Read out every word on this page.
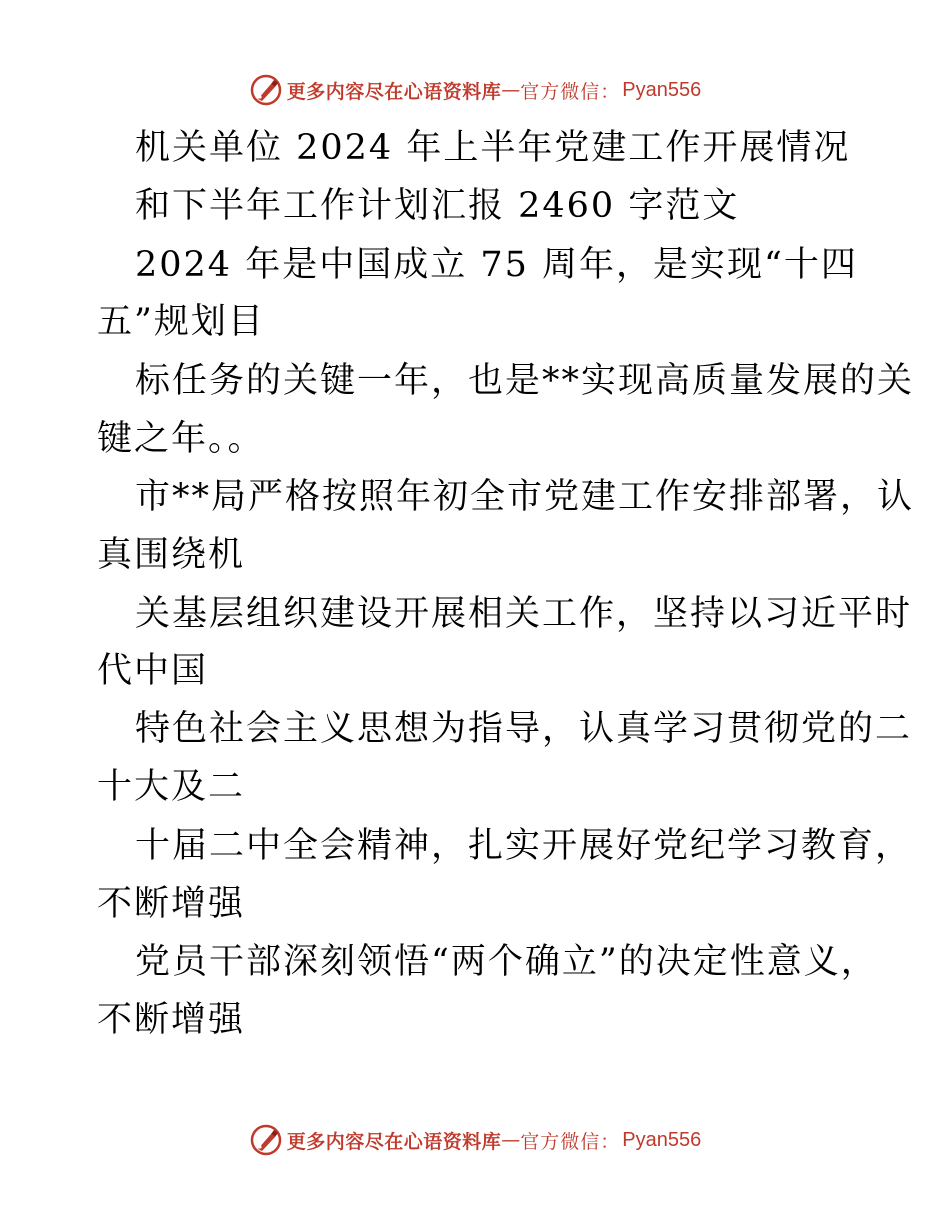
更多内容尽在心语资料库 — 官方微信： Pyan556
机关单位 2024 年上半年党建工作开展情况
和下半年工作计划汇报 2460 字范文
2024 年是中国成立 75 周年，是实现“十四
五”规划目
标任务的关键一年，也是**实现高质量发展的关
键之年。。
市**局严格按照年初全市党建工作安排部署，认
真围绕机
关基层组织建设开展相关工作，坚持以习近平时
代中国
特色社会主义思想为指导，认真学习贯彻党的二
十大及二
十届二中全会精神，扎实开展好党纪学习教育，
不断增强
党员干部深刻领悟“两个确立”的决定性意义，
不断增强
更多内容尽在心语资料库 — 官方微信： Pyan556
